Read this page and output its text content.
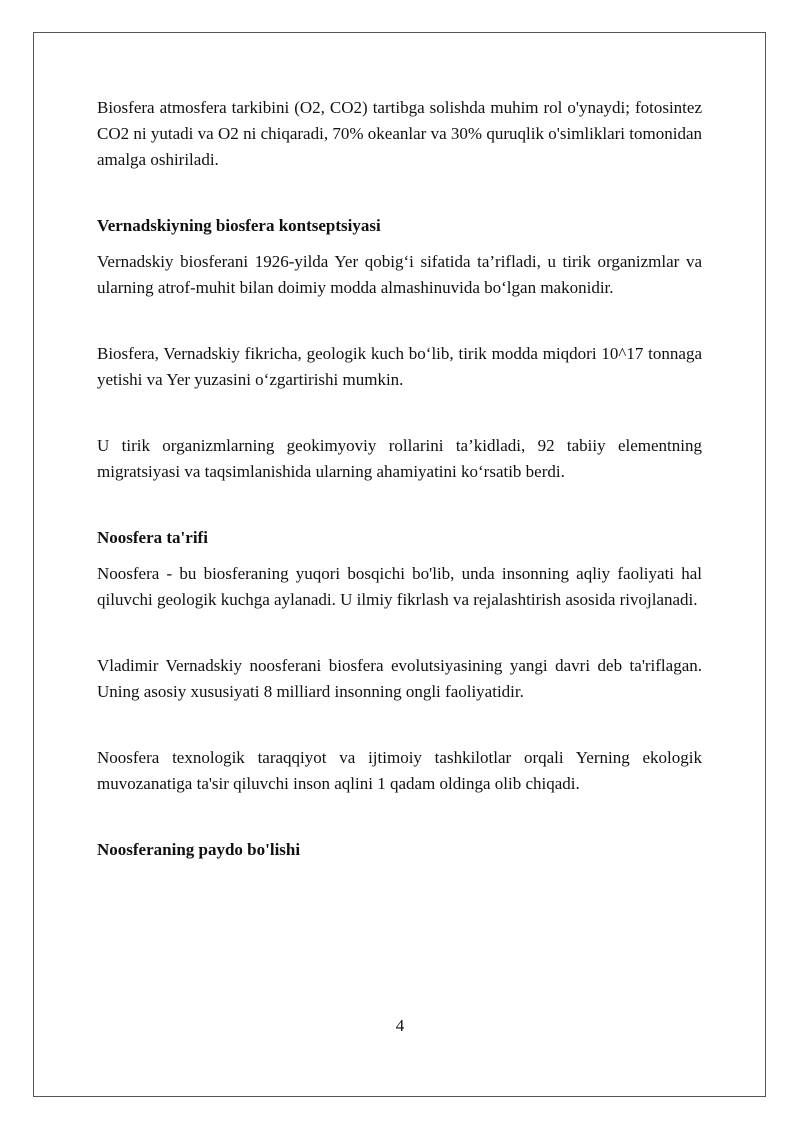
Biosfera atmosfera tarkibini (O2, CO2) tartibga solishda muhim rol o'ynaydi; fotosintez CO2 ni yutadi va O2 ni chiqaradi, 70% okeanlar va 30% quruqlik o'simliklari tomonidan amalga oshiriladi.

Vernadskiyning biosfera kontseptsiyasi

Vernadskiy biosferani 1926-yilda Yer qobig‘i sifatida ta’rifladi, u tirik organizmlar va ularning atrof-muhit bilan doimiy modda almashinuvida bo‘lgan makonidir.

Biosfera, Vernadskiy fikricha, geologik kuch bo‘lib, tirik modda miqdori 10^17 tonnaga yetishi va Yer yuzasini o‘zgartirishi mumkin.

U tirik organizmlarning geokimyoviy rollarini ta’kidladi, 92 tabiiy elementning migratsiyasi va taqsimlanishida ularning ahamiyatini ko‘rsatib berdi.

Noosfera ta'rifi

Noosfera - bu biosferaning yuqori bosqichi bo'lib, unda insonning aqliy faoliyati hal qiluvchi geologik kuchga aylanadi. U ilmiy fikrlash va rejalashtirish asosida rivojlanadi.

Vladimir Vernadskiy noosferani biosfera evolutsiyasining yangi davri deb ta'riflagan. Uning asosiy xususiyati 8 milliard insonning ongli faoliyatidir.

Noosfera texnologik taraqqiyot va ijtimoiy tashkilotlar orqali Yerning ekologik muvozanatiga ta'sir qiluvchi inson aqlini 1 qadam oldinga olib chiqadi.

Noosferaning paydo bo'lishi
4
